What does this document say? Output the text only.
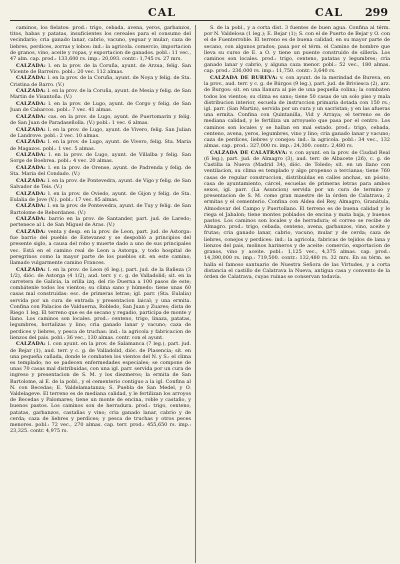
CAL	CAL 299

caminos, los fielatos: prod.: trigo, cebada, avena, yeros, garbanzos, titos, habas y patatas, insuficientes los cereales para el consumo del vecindario; cria ganado lanar, cabrio, vacuno, yeguar y mular; caza de liebres, perdices, zorras y lobos: ind.: la agricola. comercio, importacion de granos, vino, aceite y ropas, y exportacion de ganados. pobl.: 11 vec., 47 alm. cap. prod.: 133,600 rs. imp.: 20,093. contr.: 1,745 rs. 27 mrs.

CALZADA: l. en la prov. de la Coruña, ayunt. de Arzua, felig. San Vicente de Barreiro. pobl.: 20 vec. 112 almas.

CALZADA: l. en la prov. de la Coruña, ayunt. de Noya y felig. de Sta. Cristina de Barro. (V.)

CALZADA: l. en la prov. de la Coruña, ayunt. de Mesia y felig. de San Martin de Visantoña. (V.)

CALZADA: l. en la prov. de Lugo, ayunt. de Corgo y felig. de San Juan de Cabarcos. pobl.: 7 vec. 41 almas.

CALZADA: cas. en la prov. de Lugo, ayunt. de Puertomarin y felig. de San Juan de Paradaseñolla. (V.) pobl.: 1 vec. 6 almas.

CALZADA: l. en la prov. de Lugo, ayunt. de Vivero, felig. San Julian de Landrove. pobl.: 2 vec. 10 almas.

CALZADA: l. en la prov. de Lugo, ayunt. de Vivero, felig. Sta. Maria de Magazos. pobl.: 1 vec. 5 almas.

CALZADA: l. en la prov. de Lugo, ayunt. de Villalba y felig. San Sorge de Boebrea. pobl.: 4 vec. 20 almas.

CALZADA: l. en la prov. de Orense, ayunt. de Padrenda y felig. de Sta. Maria del Condado. (V.)

CALZADA: l. en la prov. de Pontevedra, ayunt. de Vigo y felig. de San Salvador de Teis. (V.)

CALZADA: l. en la prov. de Oviedo, ayunt. de Gijon y felig. de Sta. Eulalia de Jove (V.). pobl.: 17 vec. 85 almas.

CALZADA: l. en la prov. de Pontevedra, ayunt. de Tuy y felig. de San Bartolome de Rebordanes. (V.)

CALZADA: barrio en la prov. de Santander, part. jud. de Laredo; pertenece al l. de San Miguel de Aras. (V.)

CALZADA: venta y desp. en la prov. de Leon, part. jud. de Astorga: fue barrio del pueblo de Estevanez y se despobló a principios del presente siglo, a causa del robo y muerte dado a uno de sus principales vec. Está en el camino real de Leon a Astorga, y todo hospital de peregrinos como la mayor parte de los pueblos sit. en este camino, llamado vulgarmente camino Frances.

CALZADA: l. en la prov. de Leon (6 leg.), part. jud. de la Bañeza (3 1/2), dióc. de Astorga (4 1/2), aud. terr. y c. g. de Valladolid; sit. en la carretera de Galicia, la orilla izq. del rio Duerna a 100 pasos de este; combátenle todos los vientos; su clima sano y húmedo: tiene unas 60 casas mal construidas: esc. de primeras letras; igl. parr. (Sta. Eulalia) servida por un cura de entrada y presentacion laical; y una ermita. Confina con Palacios de Valduerna, Robledo, San Juan y Zuares; dista de Riego 1 leg. El terreno que es de secano y regadio, participa de monte y llano. Los caminos son locales. prod.: centeno, trigo, linaza, patatas, legumbres, hortalizas y lino; cria ganado lanar y vacuno; caza de perdices y liebres, y pesca de truchas: ind.: la agricola y fabricacion de lienzos del pais. pobl.: 36 vec., 130 almas. contr. con el ayunt.

CALZADA: l. con ayunt. en la prov. de Salamanca (7 leg.), part. jud. de Bejar (1), aud. terr. y c. g. de Valladolid, dióc. de Plasencia; sit. en una pequeña cañada, donde le combaten los vientos del N. y S.: el clima es templado; no se padecen enfermedades especiales; se compone de unas 70 casas mal distribuidas, con una igl. parr. servida por un cura de ingreso y presentacion de S. M. y los diezmeros; la ermita de San Bartolome, al E. de la pobl., y el cementerio contiguo a la igl. Confina al N. con Becedas; E. Valdelamatanza; S. Puebla de San Medel, y O. Valdelageve. El terreno es de mediana calidad, y le fertilizan los arroyos de Becedas y Palomares; tiene un monte de encina, roble y castaño, y buenos pastos. Los caminos son de herradura. prod.: trigo, centeno, patatas, garbanzos, castañas y vino; cria ganado lanar, cabrio y de cerda; caza de liebres y perdices; y pesca de truchas y otros peces menores. pobl.: 72 vec., 270 almas. cap. terr. prod.: 455,650 rs. imp.: 23,325. contr. 4,975 rs.

S. de la pobl., y a corta dist. 3 fuentes de buen agua. Confina al térm. por N. Valdelosa (1 leg.); E. Bejar (1); S. con el de Puerto de Bejar y O. con el de Fuenterroble. El terreno es de buena calidad, en su mayor parte de secano, con algunos prados; pasa por el térm. el Camino de hombre que lleva su curso de E. a O. y tiene un puente construido de sillería. Los caminos son locales. prod.: trigo, centeno, patatas y legumbres; cria ganado lanar y cabrio, y alguna caza menor. pobl.: 52 vec., 180 almas. cap. prod.: 236,000 rs. imp.: 11,750. contr.: 3,640 rs.

CALZADA DE BUREVA: v. con ayunt. de la merindad de Bureva, en la prov., aud. terr. y c. g. de Búrgos (9 leg.), part. jud. de Briviesca (2), arz. de Burgos: sit. en una llanura al pie de una pequeña colina; la combaten todos los vientos; su clima es sano; tiene 50 casas de un solo piso y mala distribucion interior, escuela de instruccion primaria dotada con 150 rs.; igl. parr. (San Martin), servida por un cura y un sacristan; y en las afueras una ermita. Confina con Quintanilla, Vid y Arraya; el terreno es de mediana calidad, y le fertiliza un arroyuelo que pasa por el centro. Los caminos son locales y se hallan en mal estado. prod.: trigo, cebada, centeno, avena, yeros, legumbres, vino y lino; cria ganado lanar y vacuno; caza de perdices, liebres y conejos: ind.: la agricola. pobl.: 34 vec., 132 almas. cap. prod.: 327,000 rs. imp.: 24,300. contr.: 2,480 rs.

CALZADA DE CALATRAVA: v. con ayunt. en la prov. de Ciudad Real (6 leg.), part. jud. de Almagro (3), aud. terr. de Albacete (26), c. g. de Castilla la Nueva (Madrid 34), dióc. de Toledo; sit. en un llano con ventilacion, su clima es templado y algo propenso a tercianas; tiene 760 casas de regular construccion, distribuidas en calles anchas, un pósito, casa de ayuntamiento, cárcel, escuelas de primeras letras para ambos sexos, igl. parr. (La Asuncion) servida por un cura de termino y presentacion de S. M. como gran maestre de la órden de Calatrava; 2 ermitas y el cementerio. Confina con Aldea del Rey, Almagro, Granátula, Almodovar del Campo y Puertollano. El terreno es de buena calidad y le riega el Jabalon; tiene montes poblados de encina y mata baja, y buenos pastos. Los caminos son locales y de herradura; el correo se recibe de Almagro. prod.: trigo, cebada, centeno, avena, garbanzos, vino, aceite y frutas; cria ganado lanar, cabrio, vacuno, mular y de cerda; caza de liebres, conejos y perdices: ind.: la agricola, fabricas de tejidos de lana y lienzos del pais, molinos harineros y de aceite: comercio, exportacion de granos, vino y aceite. pobl.: 1,125 vec., 4,375 almas. cap. prod.: 14,390,000 rs. imp.: 719,500. contr.: 132,480 rs. 32 mrs. En su térm. se halla el famoso santuario de Nuestra Señora de las Virtudes, y a corta distancia el castillo de Calatrava la Nueva, antigua casa y convento de la órden de Calatrava, cuyas ruinas se conservan todavía.
